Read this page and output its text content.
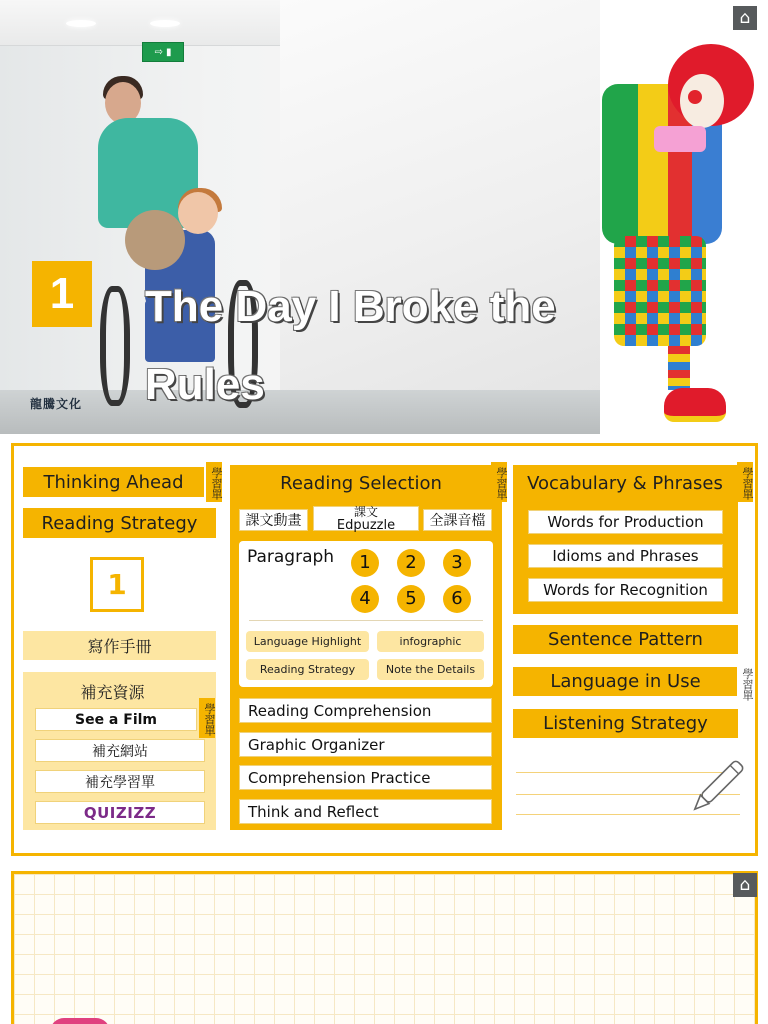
⇨ ▮
1	The Day I Broke the Rules
龍騰文化
⌂
Thinking Ahead	學習單
Reading Strategy
1
寫作手冊
補充資源
學習單
See a Film
補充網站
補充學習單
QUIZIZZ
Reading Selection	學習單
課文動畫
課文
Edpuzzle	全課音檔
Paragraph	1	2	3
4	5	6
Language Highlight	infographic
Reading Strategy	Note the Details
Reading Comprehension
Graphic Organizer
Comprehension Practice
Think and Reflect
Vocabulary & Phrases	學習單
Words for Production
Idioms and Phrases
Words for Recognition
Sentence Pattern
Language in Use	學習單
Listening Strategy
⌂
